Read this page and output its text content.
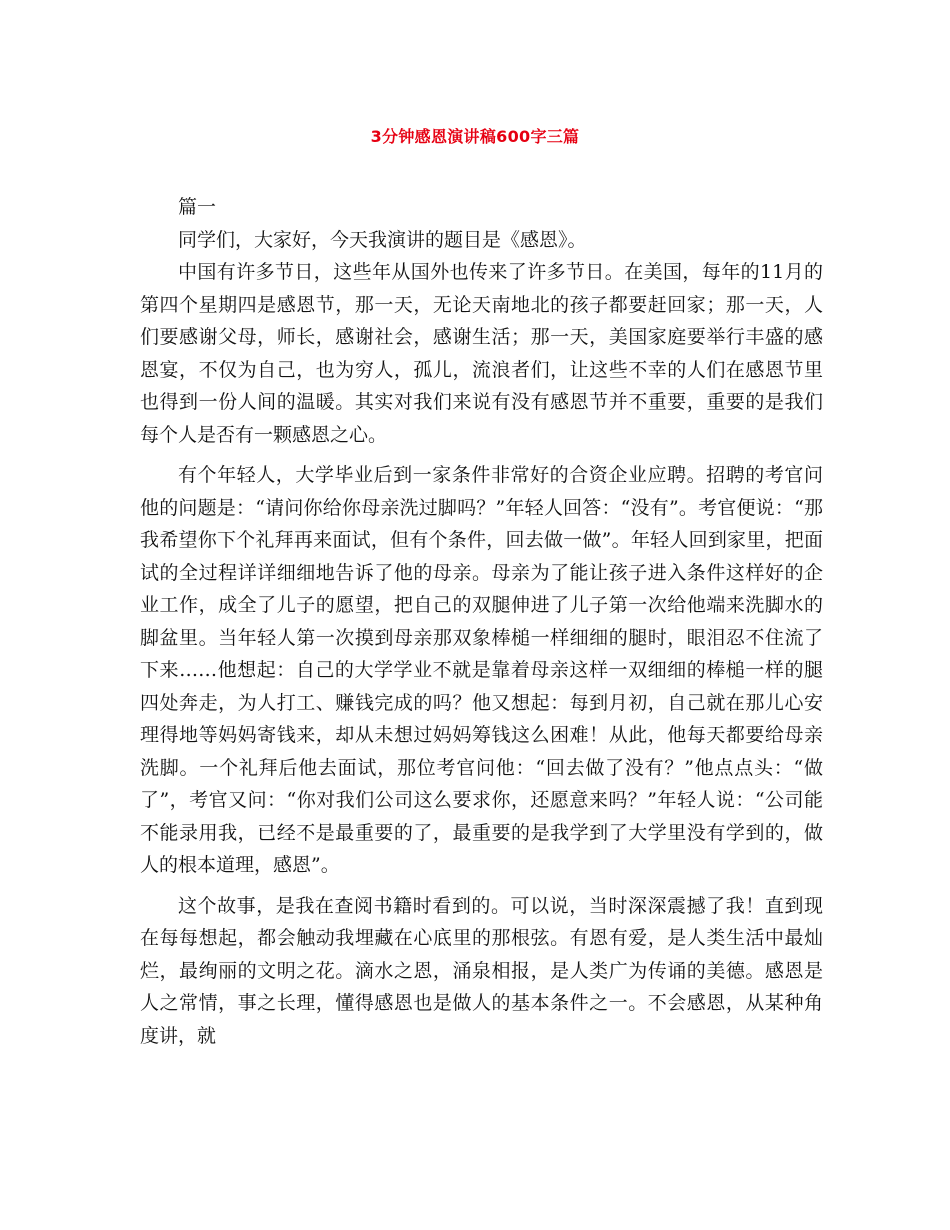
3分钟感恩演讲稿600字三篇

篇一

同学们，大家好，今天我演讲的题目是《感恩》。

中国有许多节日，这些年从国外也传来了许多节日。在美国，每年的11月的第四个星期四是感恩节，那一天，无论天南地北的孩子都要赶回家；那一天，人们要感谢父母，师长，感谢社会，感谢生活；那一天，美国家庭要举行丰盛的感恩宴，不仅为自己，也为穷人，孤儿，流浪者们，让这些不幸的人们在感恩节里也得到一份人间的温暖。其实对我们来说有没有感恩节并不重要，重要的是我们每个人是否有一颗感恩之心。

有个年轻人，大学毕业后到一家条件非常好的合资企业应聘。招聘的考官问他的问题是：“请问你给你母亲洗过脚吗？”年轻人回答：“没有”。考官便说：“那我希望你下个礼拜再来面试，但有个条件，回去做一做”。年轻人回到家里，把面试的全过程详详细细地告诉了他的母亲。母亲为了能让孩子进入条件这样好的企业工作，成全了儿子的愿望，把自己的双腿伸进了儿子第一次给他端来洗脚水的脚盆里。当年轻人第一次摸到母亲那双象棒槌一样细细的腿时，眼泪忍不住流了下来……他想起：自己的大学学业不就是靠着母亲这样一双细细的棒槌一样的腿四处奔走，为人打工、赚钱完成的吗？他又想起：每到月初，自己就在那儿心安理得地等妈妈寄钱来，却从未想过妈妈筹钱这么困难！从此，他每天都要给母亲洗脚。一个礼拜后他去面试，那位考官问他：“回去做了没有？”他点点头：“做了”，考官又问：“你对我们公司这么要求你，还愿意来吗？”年轻人说：“公司能不能录用我，已经不是最重要的了，最重要的是我学到了大学里没有学到的，做人的根本道理，感恩”。

这个故事，是我在查阅书籍时看到的。可以说，当时深深震撼了我！直到现在每每想起，都会触动我埋藏在心底里的那根弦。有恩有爱，是人类生活中最灿烂，最绚丽的文明之花。滴水之恩，涌泉相报，是人类广为传诵的美德。感恩是人之常情，事之长理，懂得感恩也是做人的基本条件之一。不会感恩，从某种角度讲，就
